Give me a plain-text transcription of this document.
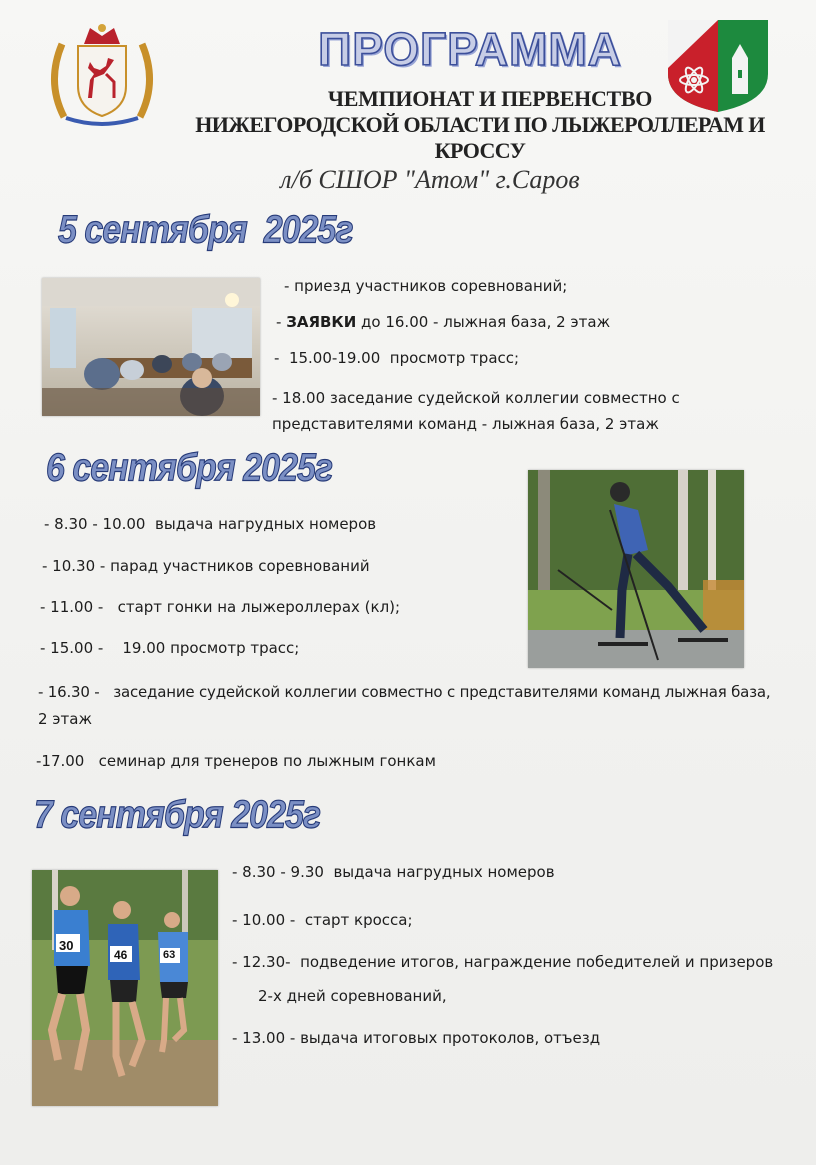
ПРОГРАММА
ЧЕМПИОНАТ И ПЕРВЕНСТВО
НИЖЕГОРОДСКОЙ ОБЛАСТИ ПО ЛЫЖЕРОЛЛЕРАМ И КРОССУ
л/б СШОР "Атом" г.Саров
5 сентября  2025г
- приезд участников соревнований;
- ЗАЯВКИ до 16.00 - лыжная база, 2 этаж
-  15.00-19.00  просмотр трасс;
- 18.00 заседание судейской коллегии совместно с
представителями команд - лыжная база, 2 этаж
6 сентября 2025г
- 8.30 - 10.00  выдача нагрудных номеров
- 10.30 - парад участников соревнований
- 11.00 -   старт гонки на лыжероллерах (кл);
- 15.00 -    19.00 просмотр трасс;
- 16.30 -   заседание судейской коллегии совместно с представителями команд лыжная база,
2 этаж
-17.00   семинар для тренеров по лыжным гонкам
7 сентября 2025г
30
46	63
- 8.30 - 9.30  выдача нагрудных номеров
- 10.00 -  старт кросса;
- 12.30-  подведение итогов, награждение победителей и призеров
2-х дней соревнований,
- 13.00 - выдача итоговых протоколов, отъезд
